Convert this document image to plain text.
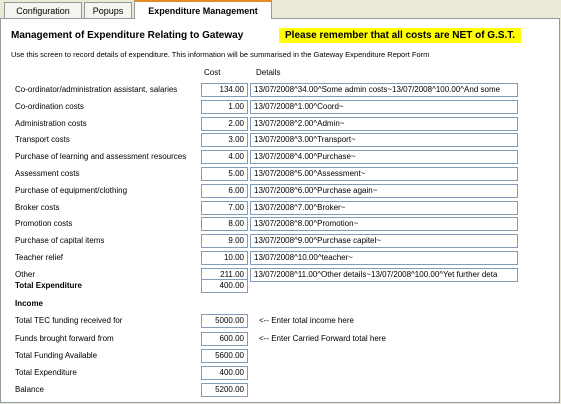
Configuration	Popups	Expenditure Management
Management of Expenditure Relating to Gateway	Please remember that all costs are NET of G.S.T.
Use this screen to record details of expenditure. This information will be summarised in the Gateway Expenditure Report Form
Cost	Details
Co-ordinator/administration assistant, salaries	134.00	13/07/2008^34.00^Some admin costs~13/07/2008^100.00^And some
Co-ordination costs	1.00	13/07/2008^1.00^Coord~
Administration costs	2.00	13/07/2008^2.00^Admin~
Transport costs	3.00	13/07/2008^3.00^Transport~
Purchase of learning and assessment resources	4.00	13/07/2008^4.00^Purchase~
Assessment costs	5.00	13/07/2008^5.00^Assessment~
Purchase of equipment/clothing	6.00	13/07/2008^6.00^Purchase again~
Broker costs	7.00	13/07/2008^7.00^Broker~
Promotion costs	8.00	13/07/2008^8.00^Promotion~
Purchase of capital items	9.00	13/07/2008^9.00^Purchase capitel~
Teacher relief	10.00	13/07/2008^10.00^teacher~
Other	211.00	13/07/2008^11.00^Other details~13/07/2008^100.00^Yet further deta
Total Expenditure	400.00
Income
Total TEC funding received for	5000.00	<-- Enter total income here
Funds brought forward from	600.00	<-- Enter Carried Forward total here
Total Funding Available	5600.00
Total Expenditure	400.00
Balance	5200.00
